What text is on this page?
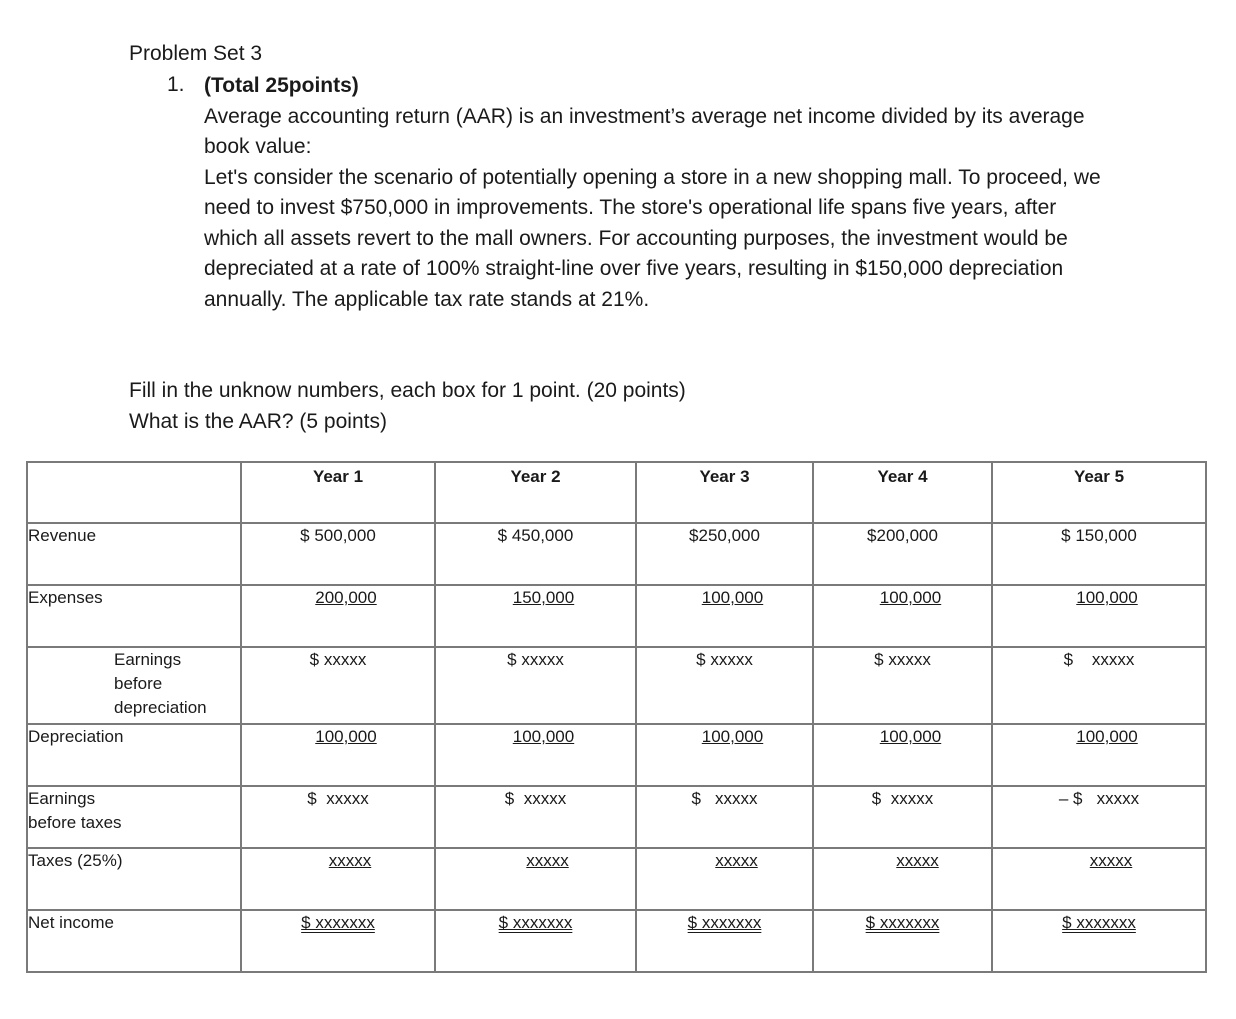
Problem Set 3
1. (Total 25points)

Average accounting return (AAR) is an investment’s average net income divided by its average book value:

Let's consider the scenario of potentially opening a store in a new shopping mall. To proceed, we need to invest $750,000 in improvements. The store's operational life spans five years, after which all assets revert to the mall owners. For accounting purposes, the investment would be depreciated at a rate of 100% straight-line over five years, resulting in $150,000 depreciation annually. The applicable tax rate stands at 21%.

Fill in the unknow numbers, each box for 1 point. (20 points)
What is the AAR? (5 points)
	Year 1	Year 2	Year 3	Year 4	Year 5
Revenue	$ 500,000	$ 450,000	$250,000	$200,000	$ 150,000
Expenses	200,000	150,000	100,000	100,000	100,000

Earnings before depreciation	$ xxxxx	$ xxxxx	$ xxxxx	$ xxxxx	$    xxxxx
Depreciation	100,000	100,000	100,000	100,000	100,000

Earnings before taxes	$  xxxxx	$  xxxxx	$   xxxxx	$  xxxxx	– $   xxxxx
Taxes (25%)	xxxxx	xxxxx	xxxxx	xxxxx	xxxxx
Net income	$ xxxxxxx	$ xxxxxxx	$ xxxxxxx	$ xxxxxxx	$ xxxxxxx
